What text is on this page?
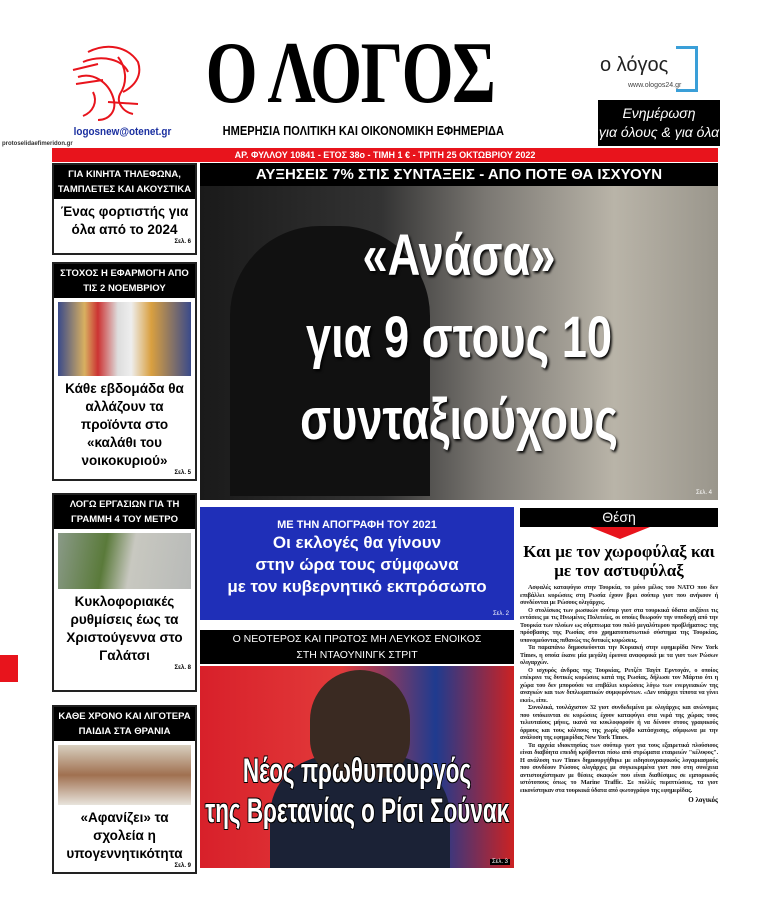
logosnew@otenet.gr
protoselidaefimeridon.gr
Ο ΛΟΓΟΣ
ΗΜΕΡΗΣΙΑ ΠΟΛΙΤΙΚΗ ΚΑΙ ΟΙΚΟΝΟΜΙΚΗ ΕΦΗΜΕΡΙΔΑ
ο λόγος
www.ologos24.gr
Ενημέρωση
για όλους & για όλα
ΑΡ. ΦΥΛΛΟΥ 10841 - ΕΤΟΣ 38ο - ΤΙΜΗ 1 € - ΤΡΙΤΗ 25 ΟΚΤΩΒΡΙΟΥ 2022
ΓΙΑ ΚΙΝΗΤΑ ΤΗΛΕΦΩΝΑ, ΤΑΜΠΛΕΤΕΣ ΚΑΙ ΑΚΟΥΣΤΙΚΑ
Ένας φορτιστής για όλα από το 2024
Σελ. 6
ΣΤΟΧΟΣ Η ΕΦΑΡΜΟΓΗ ΑΠΟ ΤΙΣ 2 ΝΟΕΜΒΡΙΟΥ
Κάθε εβδομάδα θα αλλάζουν τα προϊόντα στο «καλάθι του νοικοκυριού»
Σελ. 5
ΛΟΓΩ ΕΡΓΑΣΙΩΝ ΓΙΑ ΤΗ ΓΡΑΜΜΗ 4 ΤΟΥ ΜΕΤΡΟ
Κυκλοφοριακές ρυθμίσεις έως τα Χριστούγεννα στο Γαλάτσι
Σελ. 8
ΚΑΘΕ ΧΡΟΝΟ ΚΑΙ ΛΙΓΟΤΕΡΑ ΠΑΙΔΙΑ ΣΤΑ ΘΡΑΝΙΑ
«Αφανίζει» τα σχολεία η υπογεννητικότητα
Σελ. 9
ΑΥΞΗΣΕΙΣ 7% ΣΤΙΣ ΣΥΝΤΑΞΕΙΣ - ΑΠΟ ΠΟΤΕ ΘΑ ΙΣΧΥΟΥΝ
«Ανάσα»
για 9 στους 10
συνταξιούχους
Σελ. 4
ΜΕ ΤΗΝ ΑΠΟΓΡΑΦΗ ΤΟΥ 2021
Οι εκλογές θα γίνουν
στην ώρα τους σύμφωνα
με τον κυβερνητικό εκπρόσωπο
Σελ. 2
Ο ΝΕΟΤΕΡΟΣ ΚΑΙ ΠΡΩΤΟΣ ΜΗ ΛΕΥΚΟΣ ΕΝΟΙΚΟΣ
ΣΤΗ ΝΤΑΟΥΝΙΝΓΚ ΣΤΡΙΤ
Νέος πρωθυπουργός
της Βρετανίας ο Ρίσι Σούνακ
Σελ. 3
Θέση
Και με τον χωροφύλαξ και με τον αστυφύλαξ

Ασφαλές καταφύγιο στην Τουρκία, το μόνο μέλος του NATO που δεν επιβάλλει κυρώσεις στη Ρωσία έχουν βρει σούπερ γιοτ που ανήκουν ή συνδέονται με Ρώσους ολιγάρχες.

Ο στολίσκος των ρωσικών σούπερ γιοτ στα τουρκικά ύδατα αυξάνει τις εντάσεις με τις Ηνωμένες Πολιτείες, οι οποίες θεωρούν την υποδοχή από την Τουρκία των πλοίων ως σύμπτωμα του πολύ μεγαλύτερου προβλήματος: της πρόσβασης της Ρωσίας στο χρηματοπιστωτικό σύστημα της Τουρκίας, υπονομεύοντας πιθανώς τις δυτικές κυρώσεις.

Τα παραπάνω δημοσιεύονται την Κυριακή στην εφημερίδα New York Times, η οποία έκανε μία μεγάλη έρευνα αναφορικά με τα γιοτ των Ρώσων ολιγαρχών.

Ο ισχυρός άνδρας της Τουρκίας, Ρετζέπ Ταγίπ Ερντογάν, ο οποίος επέκρινε τις δυτικές κυρώσεις κατά της Ρωσίας, δήλωσε τον Μάρτιο ότι η χώρα του δεν μπορούσε να επιβάλει κυρώσεις λόγω των ενεργειακών της αναγκών και των διπλωματικών συμφερόντων. «Δεν υπάρχει τίποτα να γίνει εκεί», είπε.

Συνολικά, τουλάχιστον 32 γιοτ συνδεδεμένα με ολιγάρχες και ανώνυμες που υπόκεινται σε κυρώσεις έχουν καταφύγει στα νερά της χώρας τους τελευταίους μήνες, ικανά να κυκλοφορούν ή να δένουν στους γραφικούς όρμους και τους κόλπους της χωρίς φόβο κατάσχεσης, σύμφωνα με την ανάλυση της εφημερίδας New York Times.

Τα αρχεία ιδιοκτησίας των σούπερ γιοτ για τους εξαιρετικά πλούσιους είναι διαβόητα επειδή κρύβονται πίσω από στρώματα εταιρειών "κέλυφος". Η ανάλυση των Times δημιουργήθηκε με ειδησεογραφικούς λογαριασμούς που συνδέουν Ρώσους ολιγάρχες με συγκεκριμένα γιοτ που στη συνέχεια αντιστοιχίστηκαν με θέσεις σκαφών που είναι διαθέσιμες σε εμπορικούς ιστότοπους όπως το Marine Traffic. Σε πολλές περιπτώσεις, τα γιοτ εικονίστηκαν στα τουρκικά ύδατα από φωτογράφο της εφημερίδας.

Ο λογικός
